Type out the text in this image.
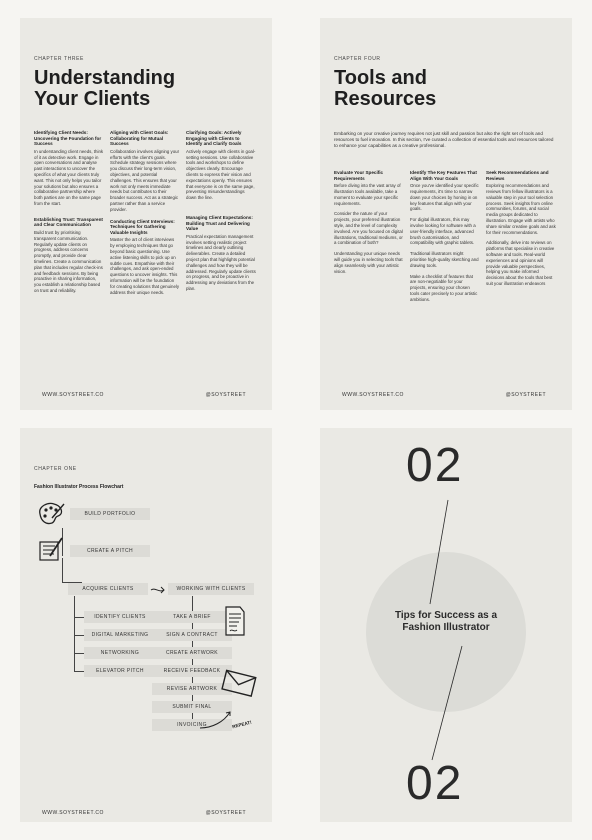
CHAPTER THREE
Understanding
Your Clients
Identifying Client Needs: Uncovering the Foundation for Success

In understanding client needs, think of it as detective work. Engage in open conversations and analyse past interactions to uncover the specifics of what your clients truly want. This not only helps you tailor your solutions but also ensures a collaborative partnership where both parties are on the same page from the start.

Establishing Trust: Transparent and Clear Communication

Build trust by prioritising transparent communication. Regularly update clients on progress, address concerns promptly, and provide clear timelines. Create a communication plan that includes regular check-ins and feedback sessions. By being proactive in sharing information, you establish a relationship based on trust and reliability.

Aligning with Client Goals: Collaborating for Mutual Success

Collaboration involves aligning your efforts with the client's goals. Schedule strategy sessions where you discuss their long-term vision, objectives, and potential challenges. This ensures that your work not only meets immediate needs but contributes to their broader success. Act as a strategic partner rather than a service provider.

Conducting Client Interviews: Techniques for Gathering Valuable Insights

Master the art of client interviews by employing techniques that go beyond basic questioning. Use active listening skills to pick up on subtle cues. Empathise with their challenges, and ask open-ended questions to uncover insights. This information will be the foundation for creating solutions that genuinely address their unique needs.

Clarifying Goals: Actively Engaging with Clients to Identify and Clarify Goals

Actively engage with clients in goal-setting sessions. Use collaborative tools and workshops to define objectives clearly. Encourage clients to express their vision and expectations openly. This ensures that everyone is on the same page, preventing misunderstandings down the line.

Managing Client Expectations: Building Trust and Delivering Value

Practical expectation management involves setting realistic project timelines and clearly outlining deliverables. Create a detailed project plan that highlights potential challenges and how they will be addressed. Regularly update clients on progress, and be proactive in addressing any deviations from the plan.

WWW.SOYSTREET.CO	@SOYSTREET
CHAPTER FOUR
Tools and
Resources
Embarking on your creative journey requires not just skill and passion but also the right set of tools and resources to fuel innovation. In this section, I've curated a collection of essential tools and resources tailored to enhance your capabilities as a creative professional.
Evaluate Your Specific Requirements

Before diving into the vast array of illustration tools available, take a moment to evaluate your specific requirements.

Consider the nature of your projects, your preferred illustration style, and the level of complexity involved. Are you focused on digital illustrations, traditional mediums, or a combination of both?

Understanding your unique needs will guide you in selecting tools that align seamlessly with your artistic vision.

Identify The Key Features That Align With Your Goals

Once you've identified your specific requirements, it's time to narrow down your choices by honing in on key features that align with your goals.

For digital illustrators, this may involve looking for software with a user-friendly interface, advanced brush customisation, and compatibility with graphic tablets.

Traditional illustrators might prioritise high-quality sketching and drawing tools.

Make a checklist of features that are non-negotiable for your projects, ensuring your chosen tools cater precisely to your artistic ambitions.

Seek Recommendations and Reviews

Exploring recommendations and reviews from fellow illustrators is a valuable step in your tool selection process. Seek insights from online communities, forums, and social media groups dedicated to illustration. Engage with artists who share similar creative goals and ask for their recommendations.

Additionally, delve into reviews on platforms that specialise in creative software and tools. Real-world experiences and opinions will provide valuable perspectives, helping you make informed decisions about the tools that best suit your illustration endeavors

WWW.SOYSTREET.CO	@SOYSTREET
CHAPTER ONE
Fashion Illustrator Process Flowchart
BUILD PORTFOLIO
CREATE A PITCH
ACQUIRE CLIENTS	WORKING WITH CLIENTS
IDENTIFY CLIENTS
DIGITAL MARKETING
NETWORKING
ELEVATOR PITCH
TAKE A BRIEF
SIGN A CONTRACT
CREATE ARTWORK
RECEIVE FEEDBACK
REVISE ARTWORK
SUBMIT FINAL
INVOICING	REPEAT!
WWW.SOYSTREET.CO	@SOYSTREET
02
Tips for Success as a Fashion Illustrator
02
